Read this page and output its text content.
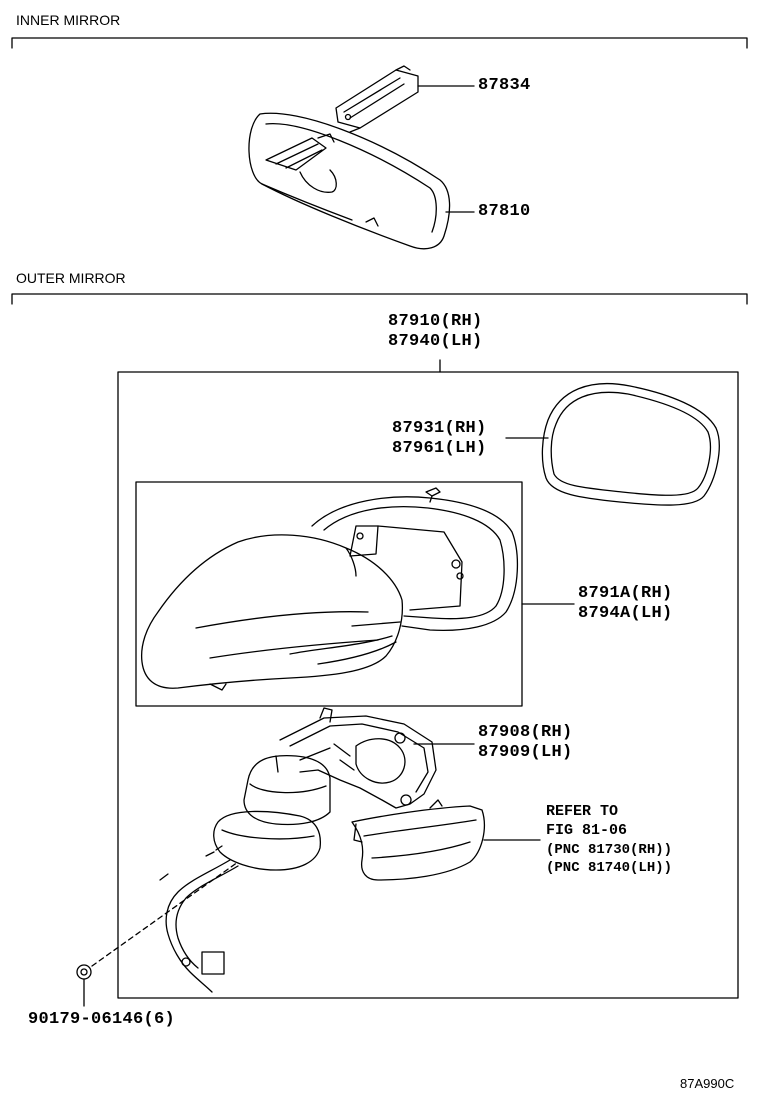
INNER MIRROR
OUTER MIRROR
87834
87810
87910(RH)
87940(LH)
87931(RH)
87961(LH)
8791A(RH)
8794A(LH)
87908(RH)
87909(LH)
REFER TO
FIG 81-06
(PNC 81730(RH))
(PNC 81740(LH))
90179-06146(6)
87A990C
